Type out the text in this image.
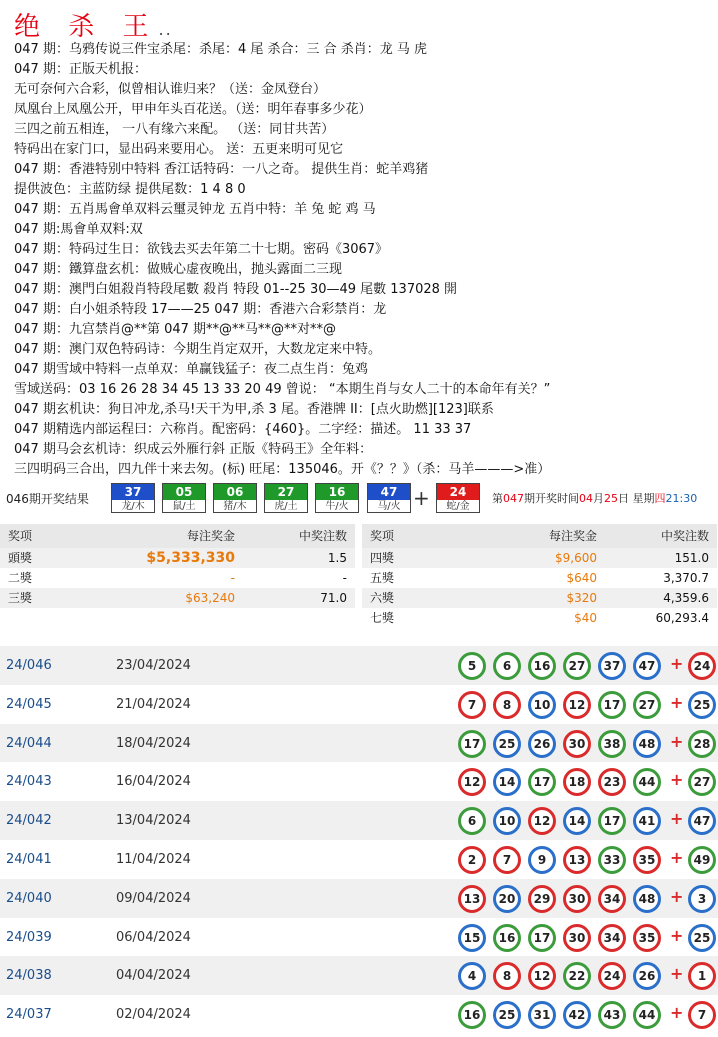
绝 杀 王..
047 期：乌鸦传说三件宝杀尾：杀尾：4 尾 杀合：三 合 杀肖：龙 马 虎
047 期：正版天机报：
无可奈何六合彩，似曾相认谁归来？（送：金凤登台）
凤凰台上凤凰公开，甲申年头百花送。（送：明年春事多少花）
三四之前五相连， 一八有缘六来配。 （送：同甘共苦）
特码出在家门口，显出码来要用心。 送：五更来明可见它
047 期：香港特别中特料 香江话特码：一八之奇。 提供生肖：蛇羊鸡猪
提供波色：主蓝防绿 提供尾数：1 4 8 0
047 期：五肖馬會单双料云璽灵钟龙 五肖中特：羊 兔 蛇 鸡 马
047 期:馬會单双料:双
047 期：特码过生日：欲钱去买去年第二十七期。密码《3067》
047 期：鐵算盘玄机：做贼心虚夜晚出，抛头露面二三现
047 期：澳門白姐殺肖特段尾數 殺肖 特段 01--25 30—49 尾數 137028 開
047 期：白小姐杀特段 17——25 047 期：香港六合彩禁肖：龙
047 期：九宫禁肖@**第 047 期**@**马**@**对**@
047 期：澳门双色特码诗：今期生肖定双开，大数龙定来中特。
047 期雪域中特料一点单双：单赢钱猛子：夜二点生肖：兔鸡
雪域送码：03 16 26 28 34 45 13 33 20 49 曾说： “本期生肖与女人二十的本命年有关？”
047 期玄机诀：狗日冲龙,杀马!天干为甲,杀 3 尾。香港牌 II：[点火助燃][123]联系
047 期精选内部运程曰：六称肖。配密码：{460}。二字经：描述。 11 33 37
047 期马会玄机诗：织成云外雁行斜 正版《特码王》全年料：
三四明码三合出，四九伴十来去匆。(标) 旺尾：135046。开《？？》（杀：马羊———>准）
046期开奖结果	37
龙/木
05
鼠/土
06
猪/木
27
虎/土
16
牛/火
47
马/火
24
蛇/金
+	第047期开奖时间04月25日 星期四21:30
奖项	每注奖金	中奖注数
頭獎	$5,333,330	1.5
二獎	-	-
三獎	$63,240	71.0
奖项	每注奖金	中奖注数
四獎	$9,600	151.0
五獎	$640	3,370.7
六獎	$320	4,359.6
七獎	$40	60,293.4
24/046	23/04/2024	5	6	16	27	37	47 + 24
24/045	21/04/2024	7	8	10	12	17	27 + 25
24/044	18/04/2024	17	25	26	30	38	48 + 28
24/043	16/04/2024	12	14	17	18	23	44 + 27
24/042	13/04/2024	6	10	12	14	17	41 + 47
24/041	11/04/2024	2	7	9	13	33	35 + 49
24/040	09/04/2024	13	20	29	30	34	48 +	3
24/039	06/04/2024	15	16	17	30	34	35 + 25
24/038	04/04/2024	4	8	12	22	24	26 +	1
24/037	02/04/2024	16	25	31	42	43	44 +	7
